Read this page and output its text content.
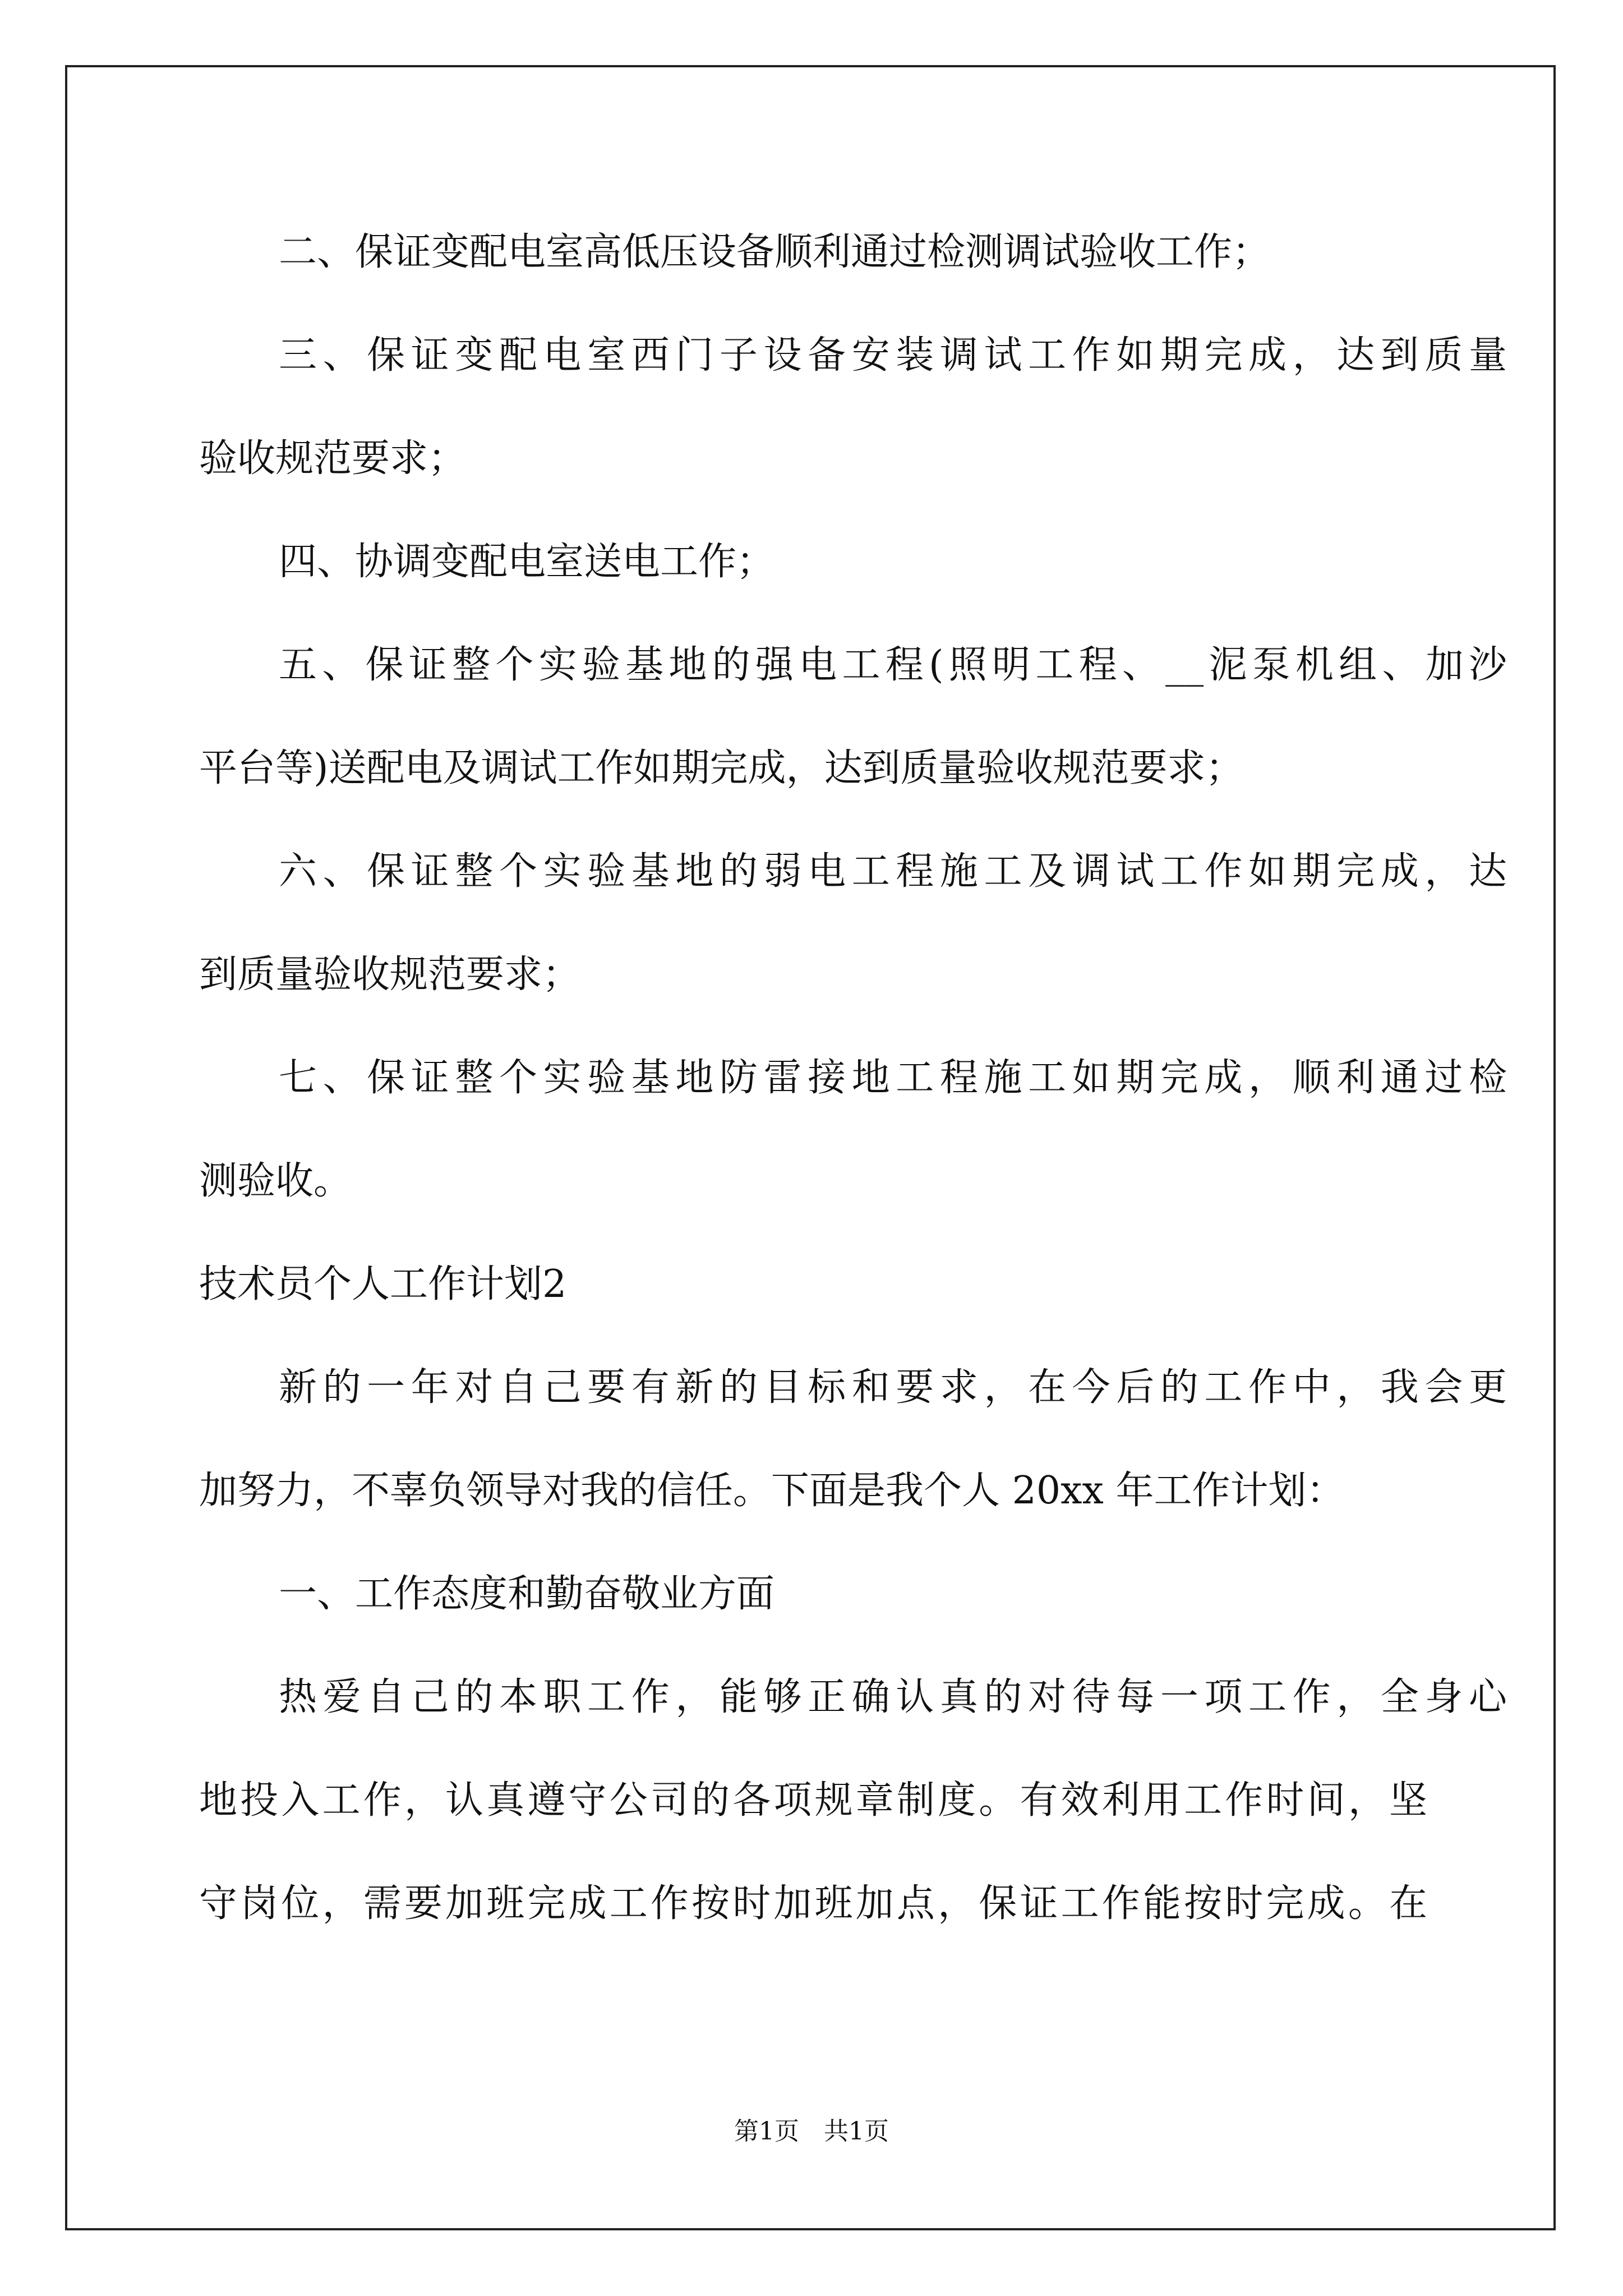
二、保证变配电室高低压设备顺利通过检测调试验收工作；
三、保证变配电室西门子设备安装调试工作如期完成，达到质量
验收规范要求；
四、协调变配电室送电工作；
五、保证整个实验基地的强电工程(照明工程、__泥泵机组、加沙
平台等)送配电及调试工作如期完成，达到质量验收规范要求；
六、保证整个实验基地的弱电工程施工及调试工作如期完成，达
到质量验收规范要求；
七、保证整个实验基地防雷接地工程施工如期完成，顺利通过检
测验收。
技术员个人工作计划2
新的一年对自己要有新的目标和要求，在今后的工作中，我会更
加努力，不辜负领导对我的信任。下面是我个人 20xx 年工作计划：
一、工作态度和勤奋敬业方面
热爱自己的本职工作，能够正确认真的对待每一项工作，全身心
地投入工作，认真遵守公司的各项规章制度。有效利用工作时间，坚
守岗位，需要加班完成工作按时加班加点，保证工作能按时完成。在
第1页　共1页
